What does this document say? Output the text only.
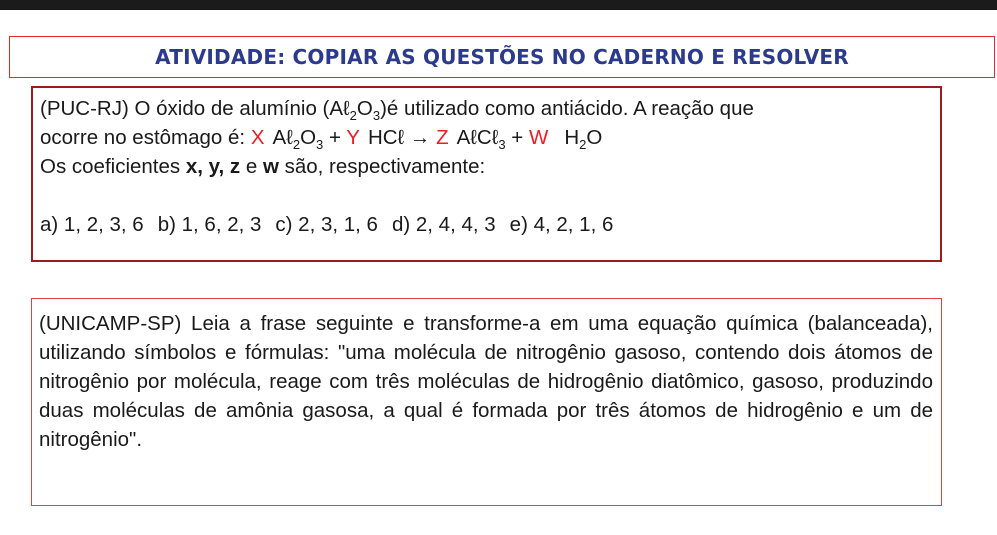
ATIVIDADE: COPIAR AS QUESTÕES NO CADERNO E RESOLVER
(PUC-RJ) O óxido de alumínio $(A\ell_2O_3)é$ utilizado como antiácido. A reação que
ocorre no estômago é: X $A\ell_2O_3 + Y$ HCℓ → Z AℓCℓ$_3$ + W $H_2O$
Os coeficientes x, y, z e w são, respectivamente:
a) 1, 2, 3, 6 b) 1, 6, 2, 3 c) 2, 3, 1, 6 d) 2, 4, 4, 3 e) 4, 2, 1, 6
(UNICAMP-SP) Leia a frase seguinte e transforme-a em uma equação química (balanceada), utilizando símbolos e fórmulas: "uma molécula de nitrogênio gasoso, contendo dois átomos de nitrogênio por molécula, reage com três moléculas de hidrogênio diatômico, gasoso, produzindo duas moléculas de amônia gasosa, a qual é formada por três átomos de hidrogênio e um de nitrogênio".
